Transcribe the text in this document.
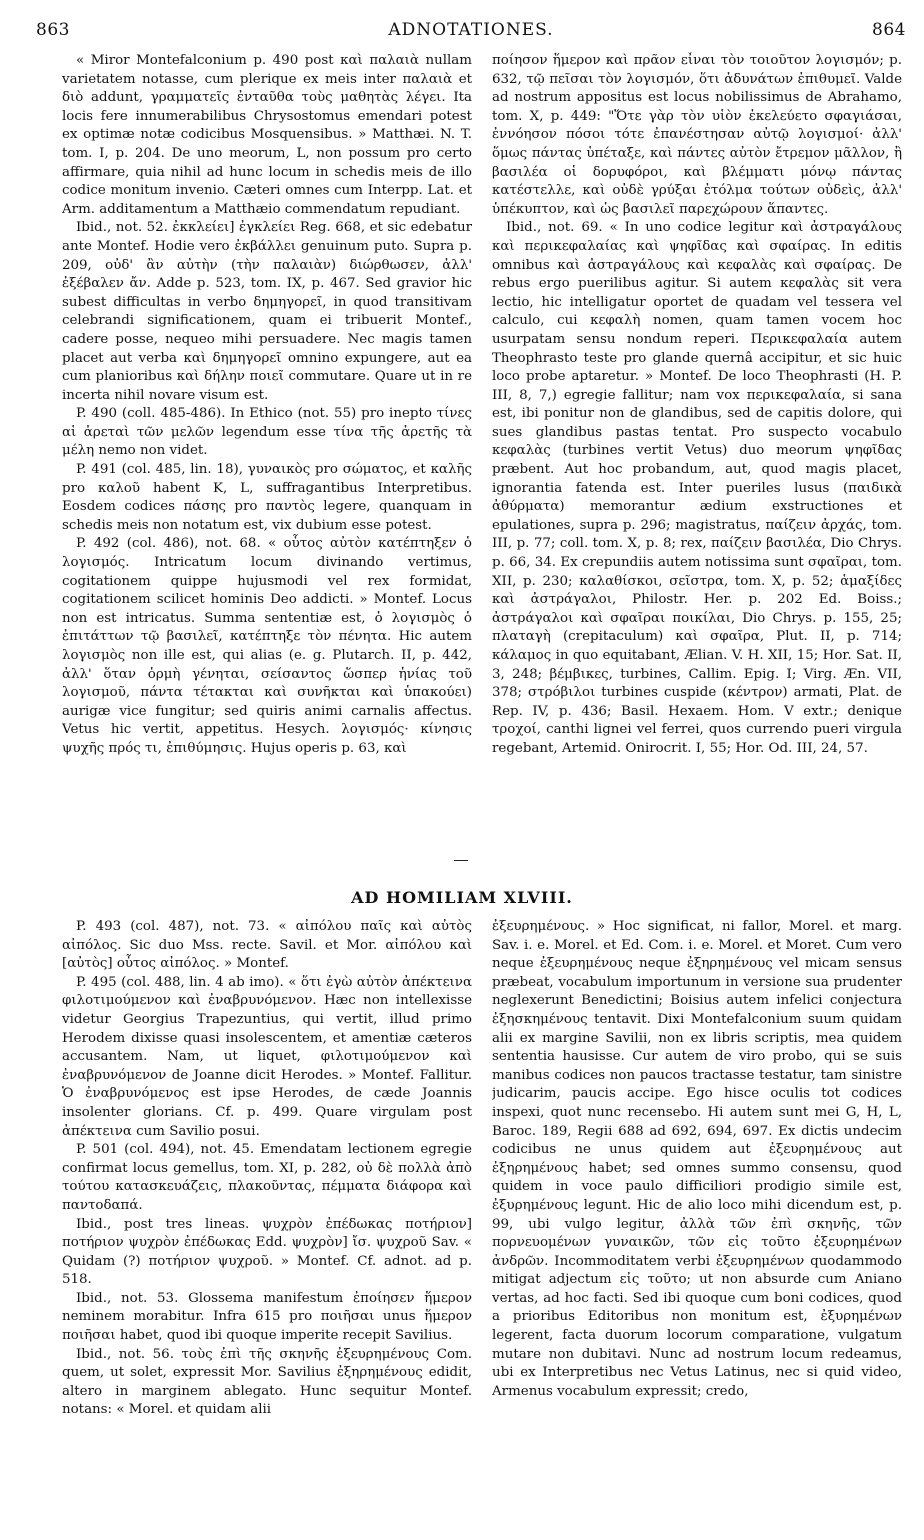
863	ADNOTATIONES.	864

« Miror Montefalconium p. 490 post καὶ παλαιὰ nullam varietatem notasse, cum plerique ex meis inter παλαιὰ et διὸ addunt, γραμματεῖς ἐνταῦθα τοὺς μαθητὰς λέγει. Ita locis fere innumerabilibus Chrysostomus emendari potest ex optimæ notæ codicibus Mosquensibus. » Matthæi. N. T. tom. I, p. 204. De uno meorum, L, non possum pro certo affirmare, quia nihil ad hunc locum in schedis meis de illo codice monitum invenio. Cæteri omnes cum Interpp. Lat. et Arm. additamentum a Matthæio commendatum repudiant.

Ibid., not. 52. ἐκκλείει] ἐγκλείει Reg. 668, et sic edebatur ante Montef. Hodie vero ἐκβάλλει genuinum puto. Supra p. 209, οὐδ' ἂν αὐτὴν (τὴν παλαιὰν) διώρθωσεν, ἀλλ' ἐξέβαλεν ἄν. Adde p. 523, tom. IX, p. 467. Sed gravior hic subest difficultas in verbo δημηγορεῖ, in quod transitivam celebrandi significationem, quam ei tribuerit Montef., cadere posse, nequeo mihi persuadere. Nec magis tamen placet aut verba καὶ δημηγορεῖ omnino expungere, aut ea cum planioribus καὶ δήλην ποιεῖ commutare. Quare ut in re incerta nihil novare visum est.

P. 490 (coll. 485-486). In Ethico (not. 55) pro inepto τίνες αἱ ἀρεταὶ τῶν μελῶν legendum esse τίνα τῆς ἀρετῆς τὰ μέλη nemo non videt.

P. 491 (col. 485, lin. 18), γυναικὸς pro σώματος, et καλῆς pro καλοῦ habent K, L, suffragantibus Interpretibus. Eosdem codices πάσης pro παντὸς legere, quanquam in schedis meis non notatum est, vix dubium esse potest.

P. 492 (col. 486), not. 68. « οὗτος αὐτὸν κατέπτηξεν ὁ λογισμός. Intricatum locum divinando vertimus, cogitationem quippe hujusmodi vel rex formidat, cogitationem scilicet hominis Deo addicti. » Montef. Locus non est intricatus. Summa sententiæ est, ὁ λογισμὸς ὁ ἐπιτάττων τῷ βασιλεῖ, κατέπτηξε τὸν πένητα. Hic autem λογισμὸς non ille est, qui alias (e. g. Plutarch. II, p. 442, ἀλλ' ὅταν ὁρμὴ γένηται, σείσαντος ὥσπερ ἡνίας τοῦ λογισμοῦ, πάντα τέτακται καὶ συνῆκται καὶ ὑπακούει) aurigæ vice fungitur; sed quiris animi carnalis affectus. Vetus hic vertit, appetitus. Hesych. λογισμός· κίνησις ψυχῆς πρός τι, ἐπιθύμησις. Hujus operis p. 63, καὶ

ποίησον ἥμερον καὶ πρᾶον εἶναι τὸν τοιοῦτον λογισμόν; p. 632, τῷ πεῖσαι τὸν λογισμόν, ὅτι ἀδυνάτων ἐπιθυμεῖ. Valde ad nostrum appositus est locus nobilissimus de Abrahamo, tom. X, p. 449: "Ὅτε γὰρ τὸν υἱὸν ἐκελεύετο σφαγιάσαι, ἐννόησον πόσοι τότε ἐπανέστησαν αὐτῷ λογισμοί· ἀλλ' ὅμως πάντας ὑπέταξε, καὶ πάντες αὐτὸν ἔτρεμον μᾶλλον, ἢ βασιλέα οἱ δορυφόροι, καὶ βλέμματι μόνῳ πάντας κατέστελλε, καὶ οὐδὲ γρύξαι ἐτόλμα τούτων οὐδεὶς, ἀλλ' ὑπέκυπτον, καὶ ὡς βασιλεῖ παρεχώρουν ἅπαντες.

Ibid., not. 69. « In uno codice legitur καὶ ἀστραγάλους καὶ περικεφαλαίας καὶ ψηφῖδας καὶ σφαίρας. In editis omnibus καὶ ἀστραγάλους καὶ κεφαλὰς καὶ σφαίρας. De rebus ergo puerilibus agitur. Si autem κεφαλὰς sit vera lectio, hic intelligatur oportet de quadam vel tessera vel calculo, cui κεφαλὴ nomen, quam tamen vocem hoc usurpatam sensu nondum reperi. Περικεφαλαία autem Theophrasto teste pro glande quernâ accipitur, et sic huic loco probe aptaretur. » Montef. De loco Theophrasti (H. P. III, 8, 7,) egregie fallitur; nam vox περικεφαλαία, si sana est, ibi ponitur non de glandibus, sed de capitis dolore, qui sues glandibus pastas tentat. Pro suspecto vocabulo κεφαλὰς (turbines vertit Vetus) duo meorum ψηφῖδας præbent. Aut hoc probandum, aut, quod magis placet, ignorantia fatenda est. Inter pueriles lusus (παιδικὰ ἀθύρματα) memorantur ædium exstructiones et epulationes, supra p. 296; magistratus, παίζειν ἀρχάς, tom. III, p. 77; coll. tom. X, p. 8; rex, παίζειν βασιλέα, Dio Chrys. p. 66, 34. Ex crepundiis autem notissima sunt σφαῖραι, tom. XII, p. 230; καλαθίσκοι, σεῖστρα, tom. X, p. 52; ἁμαξίδες καὶ ἀστράγαλοι, Philostr. Her. p. 202 Ed. Boiss.; ἀστράγαλοι καὶ σφαῖραι ποικίλαι, Dio Chrys. p. 155, 25; πλαταγὴ (crepitaculum) καὶ σφαῖρα, Plut. II, p. 714; κάλαμος in quo equitabant, Ælian. V. H. XII, 15; Hor. Sat. II, 3, 248; βέμβικες, turbines, Callim. Epig. I; Virg. Æn. VII, 378; στρόβιλοι turbines cuspide (κέντρον) armati, Plat. de Rep. IV, p. 436; Basil. Hexaem. Hom. V extr.; denique τροχοί, canthi lignei vel ferrei, quos currendo pueri virgula regebant, Artemid. Onirocrit. I, 55; Hor. Od. III, 24, 57.

AD HOMILIAM XLVIII.

P. 493 (col. 487), not. 73. « αἰπόλου παῖς καὶ αὐτὸς αἰπόλος. Sic duo Mss. recte. Savil. et Mor. αἰπόλου καὶ [αὐτὸς] οὗτος αἰπόλος. » Montef.

P. 495 (col. 488, lin. 4 ab imo). « ὅτι ἐγὼ αὐτὸν ἀπέκτεινα φιλοτιμούμενον καὶ ἐναβρυνόμενον. Hæc non intellexisse videtur Georgius Trapezuntius, qui vertit, illud primo Herodem dixisse quasi insolescentem, et amentiæ cæteros accusantem. Nam, ut liquet, φιλοτιμούμενον καὶ ἐναβρυνόμενον de Joanne dicit Herodes. » Montef. Fallitur. Ὁ ἐναβρυνόμενος est ipse Herodes, de cæde Joannis insolenter glorians. Cf. p. 499. Quare virgulam post ἀπέκτεινα cum Savilio posui.

P. 501 (col. 494), not. 45. Emendatam lectionem egregie confirmat locus gemellus, tom. XI, p. 282, οὐ δὲ πολλὰ ἀπὸ τούτου κατασκευάζεις, πλακοῦντας, πέμματα διάφορα καὶ παντοδαπά.

Ibid., post tres lineas. ψυχρὸν ἐπέδωκας ποτήριον] ποτήριον ψυχρὸν ἐπέδωκας Edd. ψυχρὸν] ἴσ. ψυχροῦ Sav. « Quidam (?) ποτήριον ψυχροῦ. » Montef. Cf. adnot. ad p. 518.

Ibid., not. 53. Glossema manifestum ἐποίησεν ἥμερον neminem morabitur. Infra 615 pro ποιῆσαι unus ἥμερον ποιῆσαι habet, quod ibi quoque imperite recepit Savilius.

Ibid., not. 56. τοὺς ἐπὶ τῆς σκηνῆς ἐξευρημένους Com. quem, ut solet, expressit Mor. Savilius ἐξηρημένους edidit, altero in marginem ablegato. Hunc sequitur Montef. notans: « Morel. et quidam alii

ἐξευρημένους. » Hoc significat, ni fallor, Morel. et marg. Sav. i. e. Morel. et Ed. Com. i. e. Morel. et Moret. Cum vero neque ἐξευρημένους neque ἐξηρημένους vel micam sensus præbeat, vocabulum importunum in versione sua prudenter neglexerunt Benedictini; Boisius autem infelici conjectura ἐξησκημένους tentavit. Dixi Montefalconium suum quidam alii ex margine Savilii, non ex libris scriptis, mea quidem sententia hausisse. Cur autem de viro probo, qui se suis manibus codices non paucos tractasse testatur, tam sinistre judicarim, paucis accipe. Ego hisce oculis tot codices inspexi, quot nunc recensebo. Hi autem sunt mei G, H, L, Baroc. 189, Regii 688 ad 692, 694, 697. Ex dictis undecim codicibus ne unus quidem aut ἐξευρημένους aut ἐξηρημένους habet; sed omnes summo consensu, quod quidem in voce paulo difficiliori prodigio simile est, ἐξυρημένους legunt. Hic de alio loco mihi dicendum est, p. 99, ubi vulgo legitur, ἀλλὰ τῶν ἐπὶ σκηνῆς, τῶν πορνευομένων γυναικῶν, τῶν εἰς τοῦτο ἐξευρημένων ἀνδρῶν. Incommoditatem verbi ἐξευρημένων quodammodo mitigat adjectum εἰς τοῦτο; ut non absurde cum Aniano vertas, ad hoc facti. Sed ibi quoque cum boni codices, quod a prioribus Editoribus non monitum est, ἐξυρημένων legerent, facta duorum locorum comparatione, vulgatum mutare non dubitavi. Nunc ad nostrum locum redeamus, ubi ex Interpretibus nec Vetus Latinus, nec si quid video, Armenus vocabulum expressit; credo,
